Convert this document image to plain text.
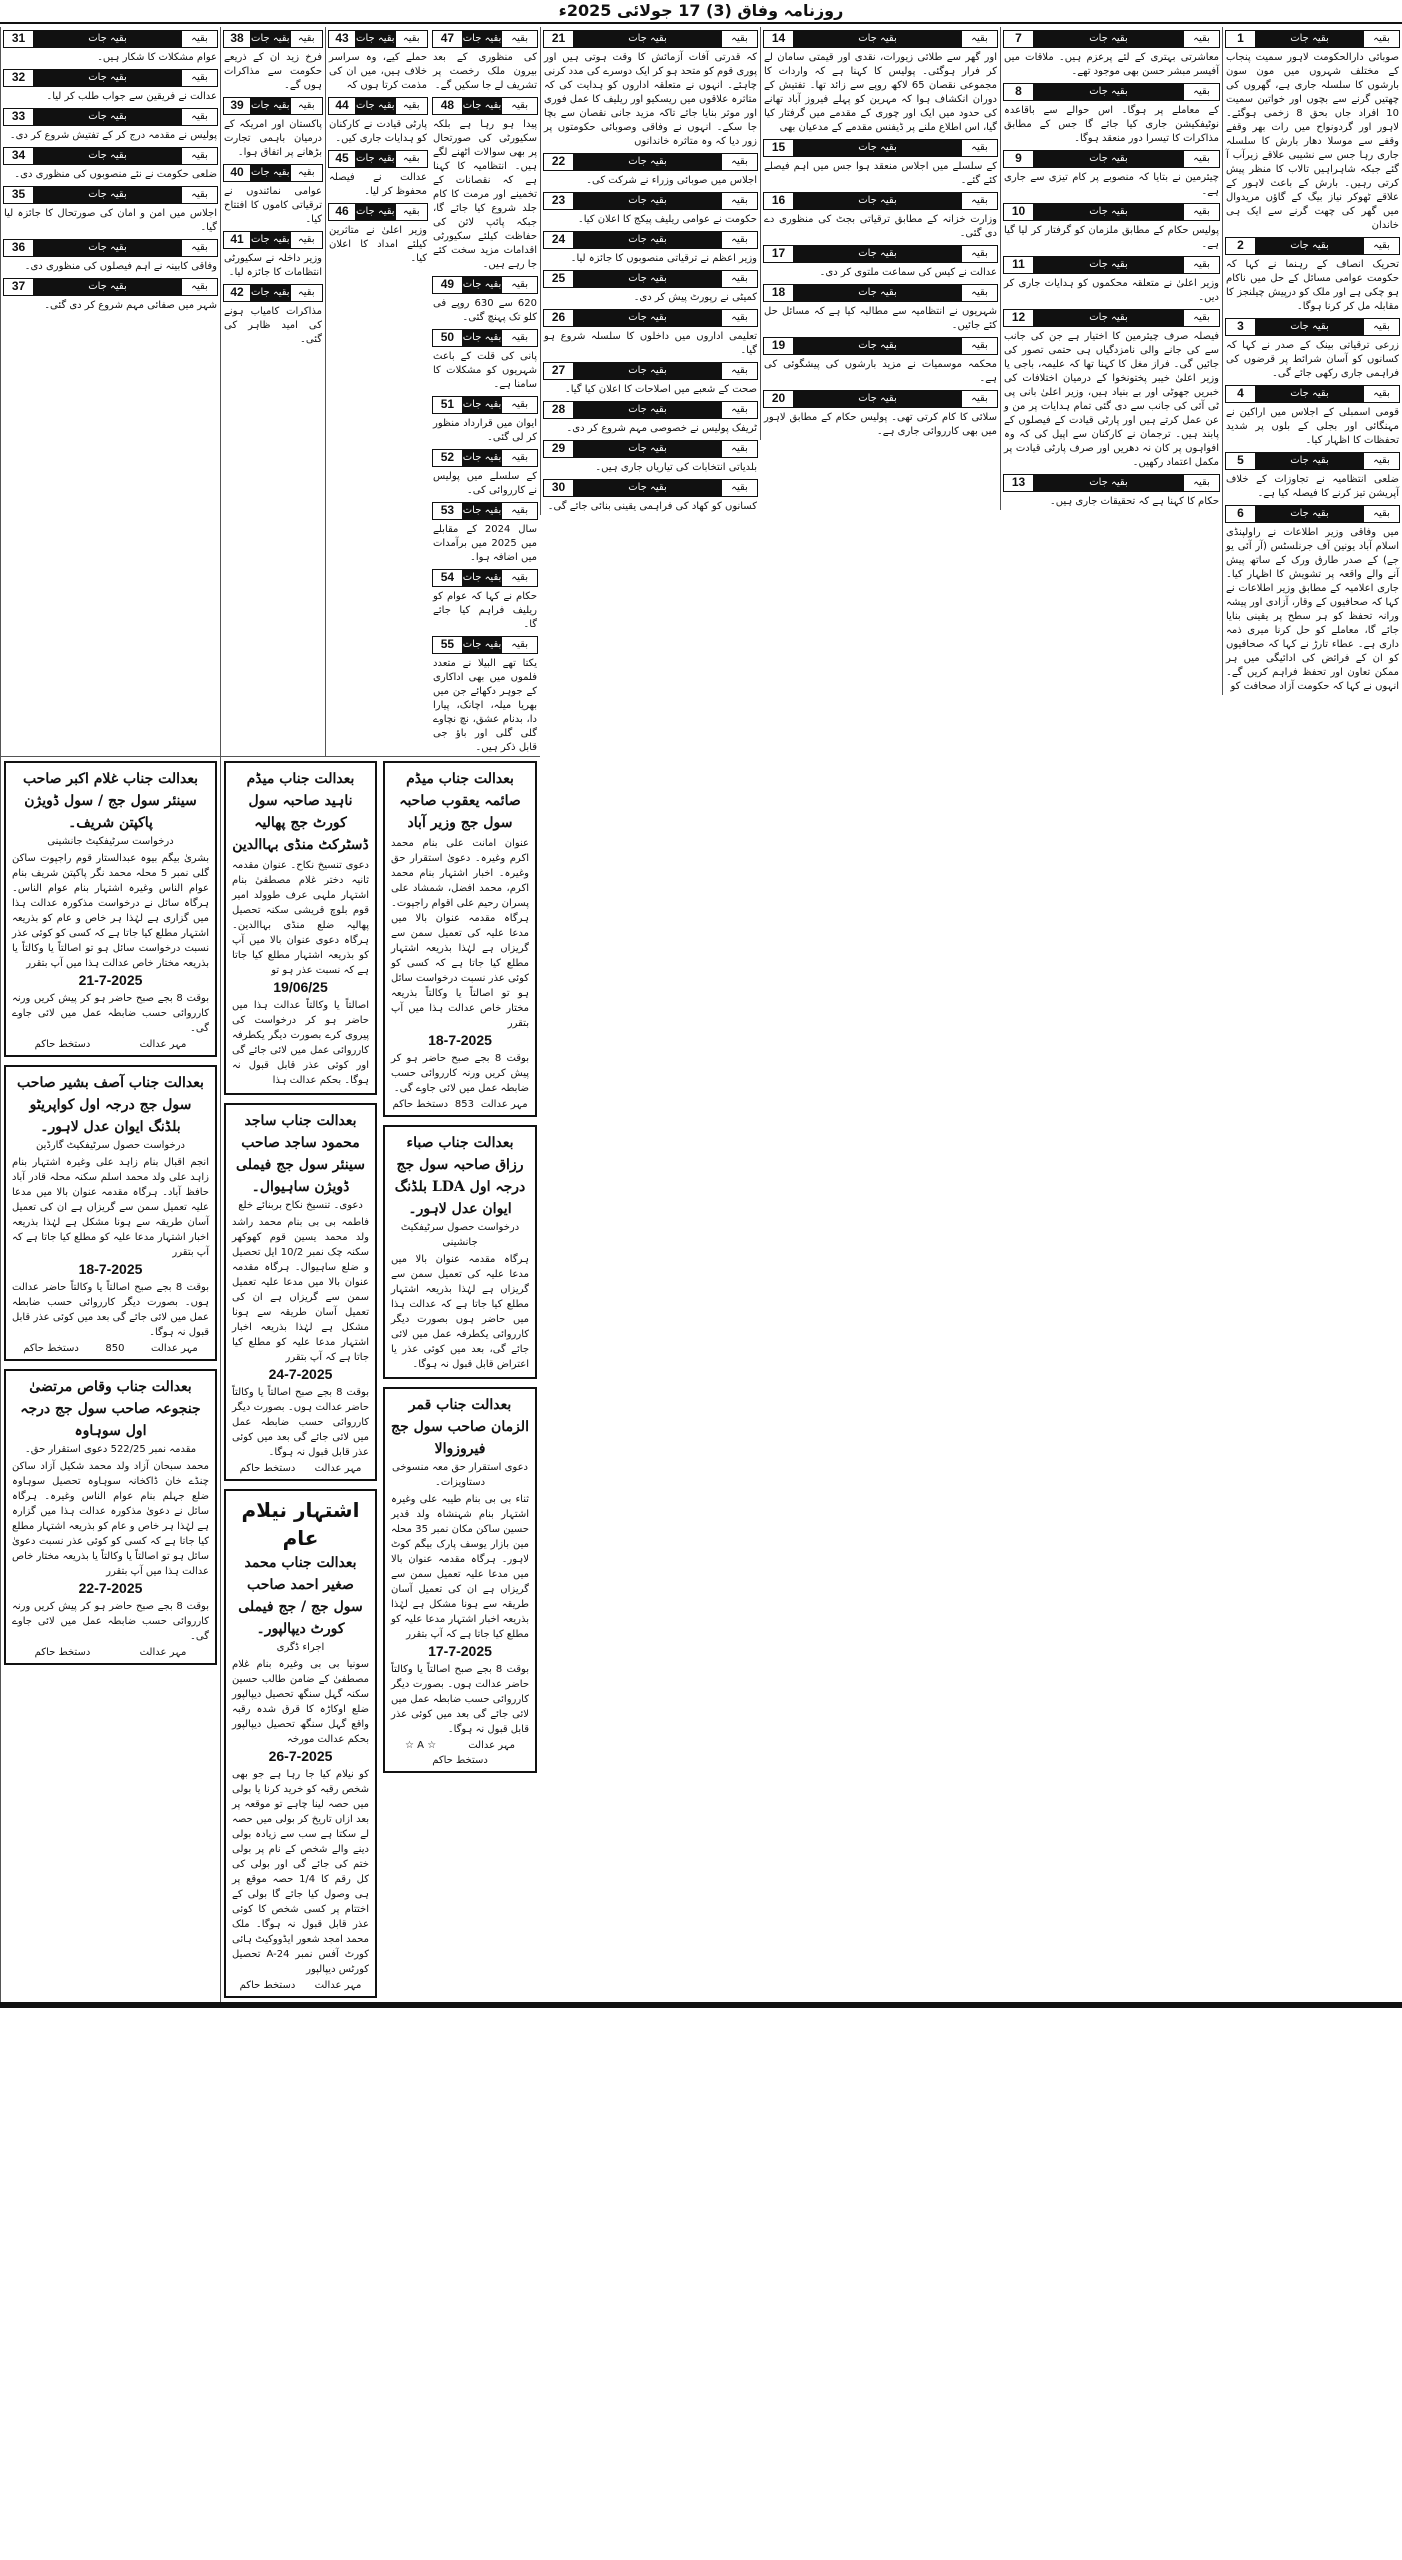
روزنامہ وفاق (3) 17 جولائی 2025ء
1	بقیہ جات	بقیہ
صوبائی دارالحکومت لاہور سمیت پنجاب کے مختلف شہروں میں مون سون بارشوں کا سلسلہ جاری ہے، گھروں کی چھتیں گرنے سے بچوں اور خواتین سمیت 10 افراد جاں بحق 8 زخمی ہوگئے۔ لاہور اور گردونواح میں رات بھر وقفے وقفے سے موسلا دھار بارش کا سلسلہ جاری رہا جس سے نشیبی علاقے زیرآب آ گئے جبکہ شاہراہیں تالاب کا منظر پیش کرتی رہیں۔ بارش کے باعث لاہور کے علاقے ٹھوکر نیاز بیگ کے گاؤں مریدوال میں گھر کی چھت گرنے سے ایک ہی خاندان
2	بقیہ جات	بقیہ
تحریک انصاف کے رہنما نے کہا کہ حکومت عوامی مسائل کے حل میں ناکام ہو چکی ہے اور ملک کو درپیش چیلنجز کا مقابلہ مل کر کرنا ہوگا۔
3	بقیہ جات	بقیہ
زرعی ترقیاتی بینک کے صدر نے کہا کہ کسانوں کو آسان شرائط پر قرضوں کی فراہمی جاری رکھی جائے گی۔
4	بقیہ جات	بقیہ
قومی اسمبلی کے اجلاس میں اراکین نے مہنگائی اور بجلی کے بلوں پر شدید تحفظات کا اظہار کیا۔
5	بقیہ جات	بقیہ
ضلعی انتظامیہ نے تجاوزات کے خلاف آپریشن تیز کرنے کا فیصلہ کیا ہے۔
6	بقیہ جات	بقیہ
میں وفاقی وزیر اطلاعات نے راولپنڈی اسلام آباد یونین آف جرنلسٹس (آر آئی یو جے) کے صدر طارق ورک کے ساتھ پیش آنے والے واقعہ پر تشویش کا اظہار کیا۔ جاری اعلامیہ کے مطابق وزیر اطلاعات نے کہا کہ صحافیوں کے وقار، آزادی اور پیشہ ورانہ تحفظ کو ہر سطح پر یقینی بنایا جائے گا، معاملے کو حل کرنا میری ذمہ داری ہے۔ عطاء تارڑ نے کہا کہ صحافیوں کو ان کے فرائض کی ادائیگی میں ہر ممکن تعاون اور تحفظ فراہم کریں گے۔ انہوں نے کہا کہ حکومت آزاد صحافت کو
7	بقیہ جات	بقیہ
معاشرتی بہتری کے لئے پرعزم ہیں۔ ملاقات میں آفیسر مبشر حسن بھی موجود تھے۔
8	بقیہ جات	بقیہ
کے معاملے پر ہوگا۔ اس حوالے سے باقاعدہ نوٹیفکیشن جاری کیا جائے گا جس کے مطابق مذاکرات کا تیسرا دور منعقد ہوگا۔
9	بقیہ جات	بقیہ
چیئرمین نے بتایا کہ منصوبے پر کام تیزی سے جاری ہے۔
10	بقیہ جات	بقیہ
پولیس حکام کے مطابق ملزمان کو گرفتار کر لیا گیا ہے۔
11	بقیہ جات	بقیہ
وزیر اعلیٰ نے متعلقہ محکموں کو ہدایات جاری کر دیں۔
12	بقیہ جات	بقیہ
فیصلہ صرف چیئرمین کا اختیار ہے جن کی جانب سے کی جانے والی نامزدگیاں ہی حتمی تصور کی جائیں گی۔ فراز مغل کا کہنا تھا کہ علیمہ، باجی یا وزیر اعلیٰ خیبر پختونخوا کے درمیان اختلافات کی خبریں جھوٹی اور بے بنیاد ہیں، وزیر اعلیٰ بانی پی ٹی آئی کی جانب سے دی گئی تمام ہدایات پر من و عن عمل کرتے ہیں اور پارٹی قیادت کے فیصلوں کے پابند ہیں۔ ترجمان نے کارکنان سے اپیل کی کہ وہ افواہوں پر کان نہ دھریں اور صرف پارٹی قیادت پر مکمل اعتماد رکھیں۔
13	بقیہ جات	بقیہ
حکام کا کہنا ہے کہ تحقیقات جاری ہیں۔
14	بقیہ جات	بقیہ
اور گھر سے طلائی زیورات، نقدی اور قیمتی سامان لے کر فرار ہوگئی۔ پولیس کا کہنا ہے کہ واردات کا مجموعی نقصان 65 لاکھ روپے سے زائد تھا۔ تفتیش کے دوران انکشاف ہوا کہ مہرین کو پہلے فیروز آباد تھانے کی حدود میں ایک اور چوری کے مقدمے میں گرفتار کیا گیا، اس اطلاع ملنے پر ڈیفنس مقدمے کے مدعیان بھی
15	بقیہ جات	بقیہ
کے سلسلے میں اجلاس منعقد ہوا جس میں اہم فیصلے کئے گئے۔
16	بقیہ جات	بقیہ
وزارت خزانہ کے مطابق ترقیاتی بجٹ کی منظوری دے دی گئی۔
17	بقیہ جات	بقیہ
عدالت نے کیس کی سماعت ملتوی کر دی۔
18	بقیہ جات	بقیہ
شہریوں نے انتظامیہ سے مطالبہ کیا ہے کہ مسائل حل کئے جائیں۔
19	بقیہ جات	بقیہ
محکمہ موسمیات نے مزید بارشوں کی پیشگوئی کی ہے۔
20	بقیہ جات	بقیہ
سلائی کا کام کرتی تھی۔ پولیس حکام کے مطابق لاہور میں بھی کارروائی جاری ہے۔
21	بقیہ جات	بقیہ
کہ قدرتی آفات آزمائش کا وقت ہوتی ہیں اور پوری قوم کو متحد ہو کر ایک دوسرے کی مدد کرنی چاہئے۔ انہوں نے متعلقہ اداروں کو ہدایت کی کہ متاثرہ علاقوں میں ریسکیو اور ریلیف کا عمل فوری اور موثر بنایا جائے تاکہ مزید جانی نقصان سے بچا جا سکے۔ انہوں نے وفاقی وصوبائی حکومتوں پر زور دیا کہ وہ متاثرہ خاندانوں
22	بقیہ جات	بقیہ
اجلاس میں صوبائی وزراء نے شرکت کی۔
23	بقیہ جات	بقیہ
حکومت نے عوامی ریلیف پیکج کا اعلان کیا۔
24	بقیہ جات	بقیہ
وزیر اعظم نے ترقیاتی منصوبوں کا جائزہ لیا۔
25	بقیہ جات	بقیہ
کمیٹی نے رپورٹ پیش کر دی۔
26	بقیہ جات	بقیہ
تعلیمی اداروں میں داخلوں کا سلسلہ شروع ہو گیا۔
27	بقیہ جات	بقیہ
صحت کے شعبے میں اصلاحات کا اعلان کیا گیا۔
28	بقیہ جات	بقیہ
ٹریفک پولیس نے خصوصی مہم شروع کر دی۔
29	بقیہ جات	بقیہ
بلدیاتی انتخابات کی تیاریاں جاری ہیں۔
30	بقیہ جات	بقیہ
کسانوں کو کھاد کی فراہمی یقینی بنائی جائے گی۔
31	بقیہ جات	بقیہ
عوام مشکلات کا شکار ہیں۔
32	بقیہ جات	بقیہ
عدالت نے فریقین سے جواب طلب کر لیا۔
33	بقیہ جات	بقیہ
پولیس نے مقدمہ درج کر کے تفتیش شروع کر دی۔
34	بقیہ جات	بقیہ
ضلعی حکومت نے نئے منصوبوں کی منظوری دی۔
35	بقیہ جات	بقیہ
اجلاس میں امن و امان کی صورتحال کا جائزہ لیا گیا۔
36	بقیہ جات	بقیہ
وفاقی کابینہ نے اہم فیصلوں کی منظوری دی۔
37	بقیہ جات	بقیہ
شہر میں صفائی مہم شروع کر دی گئی۔
38 بقیہ جات بقیہ
فرخ زید ان کے ذریعے حکومت سے مذاکرات ہوں گے۔
39 بقیہ جات بقیہ
پاکستان اور امریکہ کے درمیان باہمی تجارت بڑھانے پر اتفاق ہوا۔
40 بقیہ جات بقیہ
عوامی نمائندوں نے ترقیاتی کاموں کا افتتاح کیا۔
41 بقیہ جات بقیہ
وزیر داخلہ نے سکیورٹی انتظامات کا جائزہ لیا۔
42 بقیہ جات بقیہ
مذاکرات کامیاب ہونے کی امید ظاہر کی گئی۔
43 بقیہ جات بقیہ
حملے کیے، وہ سراسر خلاف ہیں، میں ان کی مذمت کرتا ہوں کہ
44 بقیہ جات بقیہ
پارٹی قیادت نے کارکنان کو ہدایات جاری کیں۔
45 بقیہ جات بقیہ
عدالت نے فیصلہ محفوظ کر لیا۔
46 بقیہ جات بقیہ
وزیر اعلیٰ نے متاثرین کیلئے امداد کا اعلان کیا۔
47 بقیہ جات بقیہ
کی منظوری کے بعد بیرون ملک رخصت پر تشریف لے جا سکیں گے۔
48 بقیہ جات بقیہ
پیدا ہو رہا ہے بلکہ سکیورٹی کی صورتحال پر بھی سوالات اٹھنے لگے ہیں۔ انتظامیہ کا کہنا ہے کہ نقصانات کے تخمینے اور مرمت کا کام جلد شروع کیا جائے گا، جبکہ پائپ لائن کی حفاظت کیلئے سکیورٹی اقدامات مزید سخت کئے جا رہے ہیں۔
49 بقیہ جات بقیہ
620 سے 630 روپے فی کلو تک پہنچ گئی۔
50 بقیہ جات بقیہ
پانی کی قلت کے باعث شہریوں کو مشکلات کا سامنا ہے۔
51 بقیہ جات بقیہ
ایوان میں قرارداد منظور کر لی گئی۔
52 بقیہ جات بقیہ
کے سلسلے میں پولیس نے کارروائی کی۔
53 بقیہ جات بقیہ
سال 2024 کے مقابلے میں 2025 میں برآمدات میں اضافہ ہوا۔
54 بقیہ جات بقیہ
حکام نے کہا کہ عوام کو ریلیف فراہم کیا جائے گا۔
55 بقیہ جات بقیہ
یکتا تھے البیلا نے متعدد فلموں میں بھی اداکاری کے جوہر دکھائے جن میں بھریا میلہ، اچانک، پیارا دا، بدنام عشق، نچ نچاوے گلی گلی اور باؤ جی قابل ذکر ہیں۔
بعدالت جناب غلام اکبر صاحب سینئر سول جج / سول ڈویژن پاکپتن شریف۔
درخواست سرٹیفکیٹ جانشینی
بشریٰ بیگم بیوہ عبدالستار قوم راجپوت ساکن گلی نمبر 5 محلہ محمد نگر پاکپتن شریف بنام عوام الناس وغیرہ اشتہار بنام عوام الناس۔ ہرگاہ سائل نے درخواست مذکورہ عدالت ہذا میں گزاری ہے لہٰذا ہر خاص و عام کو بذریعہ اشتہار مطلع کیا جاتا ہے کہ کسی کو کوئی عذر نسبت درخواست سائل ہو تو اصالتاً یا وکالتاً یا بذریعہ مختار خاص عدالت ہذا میں آپ بتقرر
21-7-2025
بوقت 8 بجے صبح حاضر ہو کر پیش کریں ورنہ کارروائی حسب ضابطہ عمل میں لائی جاوے گی۔
مہر عدالت
دستخط حاکم
بعدالت جناب آصف بشیر صاحب سول جج درجہ اول کواپریٹو بلڈنگ ایوان عدل لاہور۔
درخواست حصول سرٹیفکیٹ گارڈین
انجم اقبال بنام زاہد علی وغیرہ اشتہار بنام زاہد علی ولد محمد اسلم سکنہ محلہ قادر آباد حافظ آباد۔ ہرگاہ مقدمہ عنوان بالا میں مدعا علیہ تعمیل سمن سے گریزاں ہے ان کی تعمیل آسان طریقہ سے ہونا مشکل ہے لہٰذا بذریعہ اخبار اشتہار مدعا علیہ کو مطلع کیا جاتا ہے کہ آپ بتقرر
18-7-2025
بوقت 8 بجے صبح اصالتاً یا وکالتاً حاضر عدالت ہوں۔ بصورت دیگر کارروائی حسب ضابطہ عمل میں لائی جائے گی بعد میں کوئی عذر قابل قبول نہ ہوگا۔
مہر عدالت
850
دستخط حاکم
بعدالت جناب وقاص مرتضیٰ جنجوعہ صاحب سول جج درجہ اول سوہاوہ
مقدمہ نمبر 522/25 دعوی استقرار حق۔
محمد سبحان آزاد ولد محمد شکیل آزاد ساکن چنڈے خان ڈاکخانہ سوہاوہ تحصیل سوہاوہ ضلع جہلم بنام عوام الناس وغیرہ۔ ہرگاہ سائل نے دعویٰ مذکورہ عدالت ہذا میں گزارہ ہے لہٰذا ہر خاص و عام کو بذریعہ اشتہار مطلع کیا جاتا ہے کہ کسی کو کوئی عذر نسبت دعویٰ سائل ہو تو اصالتاً یا وکالتاً یا بذریعہ مختار خاص عدالت ہذا میں آپ بتقرر
22-7-2025
بوقت 8 بجے صبح حاضر ہو کر پیش کریں ورنہ کارروائی حسب ضابطہ عمل میں لائی جاوے گی۔
مہر عدالت
دستخط حاکم
بعدالت جناب میڈم ناہید صاحبہ سول کورٹ جج پھالیہ ڈسٹرکٹ منڈی بہاالدین
دعوی تنسیخ نکاح۔ عنوان مقدمہ ثانیہ دختر غلام مصطفیٰ بنام اشتہار ملہی عرف طوولد امیر قوم بلوچ قریشی سکنہ تحصیل پھالیہ ضلع منڈی بہاالدین۔ ہرگاہ دعوی عنوان بالا میں آپ کو بذریعہ اشتہار مطلع کیا جاتا ہے کہ نسبت عذر ہو تو
19/06/25
اصالتاً یا وکالتاً عدالت ہذا میں حاضر ہو کر درخواست کی پیروی کرے بصورت دیگر یکطرفہ کارروائی عمل میں لائی جائے گی اور کوئی عذر قابل قبول نہ ہوگا۔ بحکم عدالت ہذا
بعدالت جناب ساجد محمود ساجد صاحب سینئر سول جج فیملی ڈویژن ساہیوال۔
دعوی۔ تنسیخ نکاح بربنائے خلع
فاطمہ بی بی بنام محمد راشد ولد محمد یسین قوم کھوکھر سکنہ چک نمبر 10/2 ایل تحصیل و ضلع ساہیوال۔ ہرگاہ مقدمہ عنوان بالا میں مدعا علیہ تعمیل سمن سے گریزاں ہے ان کی تعمیل آسان طریقہ سے ہونا مشکل ہے لہٰذا بذریعہ اخبار اشتہار مدعا علیہ کو مطلع کیا جاتا ہے کہ آپ بتقرر
24-7-2025
بوقت 8 بجے صبح اصالتاً یا وکالتاً حاضر عدالت ہوں۔ بصورت دیگر کارروائی حسب ضابطہ عمل میں لائی جائے گی بعد میں کوئی عذر قابل قبول نہ ہوگا۔
مہر عدالت
دستخط حاکم
اشتہار نیلام عام
بعدالت جناب محمد صغیر احمد صاحب سول جج / جج فیملی کورٹ دیپالپور۔
اجراء ڈگری
سونیا بی بی وغیرہ بنام غلام مصطفیٰ کے ضامن طالب حسین سکنہ گہل سنگھ تحصیل دیپالپور ضلع اوکاڑہ کا قرق شدہ رقبہ واقع گہل سنگھ تحصیل دیپالپور بحکم عدالت مورخہ
26-7-2025
کو نیلام کیا جا رہا ہے جو بھی شخص رقبہ کو خرید کرنا یا بولی میں حصہ لینا چاہے تو موقعہ پر بعد ازاں تاریخ کر بولی میں حصہ لے سکتا ہے سب سے زیادہ بولی دینے والے شخص کے نام پر بولی ختم کی جائے گی اور بولی کی کل رقم کا 1/4 حصہ موقع پر ہی وصول کیا جائے گا بولی کے اختتام پر کسی شخص کا کوئی عذر قابل قبول نہ ہوگا۔ ملک محمد امجد شعور ایڈووکیٹ ہائی کورٹ آفس نمبر A-24 تحصیل کورٹس دیپالپور
مہر عدالت
دستخط حاکم
بعدالت جناب میڈم صائمہ یعقوب صاحبہ سول جج وزیر آباد
عنوان امانت علی بنام محمد اکرم وغیرہ۔ دعویٰ استقرار حق وغیرہ۔ اخبار اشتہار بنام محمد اکرم، محمد افضل، شمشاد علی پسران رحیم علی اقوام راجپوت۔ ہرگاہ مقدمہ عنوان بالا میں مدعا علیہ کی تعمیل سمن سے گریزاں ہے لہٰذا بذریعہ اشتہار مطلع کیا جاتا ہے کہ کسی کو کوئی عذر نسبت درخواست سائل ہو تو اصالتاً یا وکالتاً بذریعہ مختار خاص عدالت ہذا میں آپ بتقرر
18-7-2025
بوقت 8 بجے صبح حاضر ہو کر پیش کریں ورنہ کارروائی حسب ضابطہ عمل میں لائی جاوے گی۔
مہر عدالت
853
دستخط حاکم
بعدالت جناب صباء رزاق صاحبہ سول جج درجہ اول LDA بلڈنگ ایوان عدل لاہور۔
درخواست حصول سرٹیفکیٹ جانشینی
ہرگاہ مقدمہ عنوان بالا میں مدعا علیہ کی تعمیل سمن سے گریزاں ہے لہٰذا بذریعہ اشتہار مطلع کیا جاتا ہے کہ عدالت ہذا میں حاضر ہوں بصورت دیگر کارروائی یکطرفہ عمل میں لائی جائے گی، بعد میں کوئی عذر یا اعتراض قابل قبول نہ ہوگا۔
بعدالت جناب قمر الزمان صاحب سول جج فیروزوالا
دعوی استقرار حق معہ منسوخی دستاویزات۔
ثناء بی بی بنام طیبہ علی وغیرہ اشتہار بنام شہنشاہ ولد قدیر حسین ساکن مکان نمبر 35 محلہ مین بازار یوسف پارک بیگم کوٹ لاہور۔ ہرگاہ مقدمہ عنوان بالا میں مدعا علیہ تعمیل سمن سے گریزاں ہے ان کی تعمیل آسان طریقہ سے ہونا مشکل ہے لہٰذا بذریعہ اخبار اشتہار مدعا علیہ کو مطلع کیا جاتا ہے کہ آپ بتقرر
17-7-2025
بوقت 8 بجے صبح اصالتاً یا وکالتاً حاضر عدالت ہوں۔ بصورت دیگر کارروائی حسب ضابطہ عمل میں لائی جائے گی بعد میں کوئی عذر قابل قبول نہ ہوگا۔
مہر عدالت
☆ A ☆
دستخط حاکم
